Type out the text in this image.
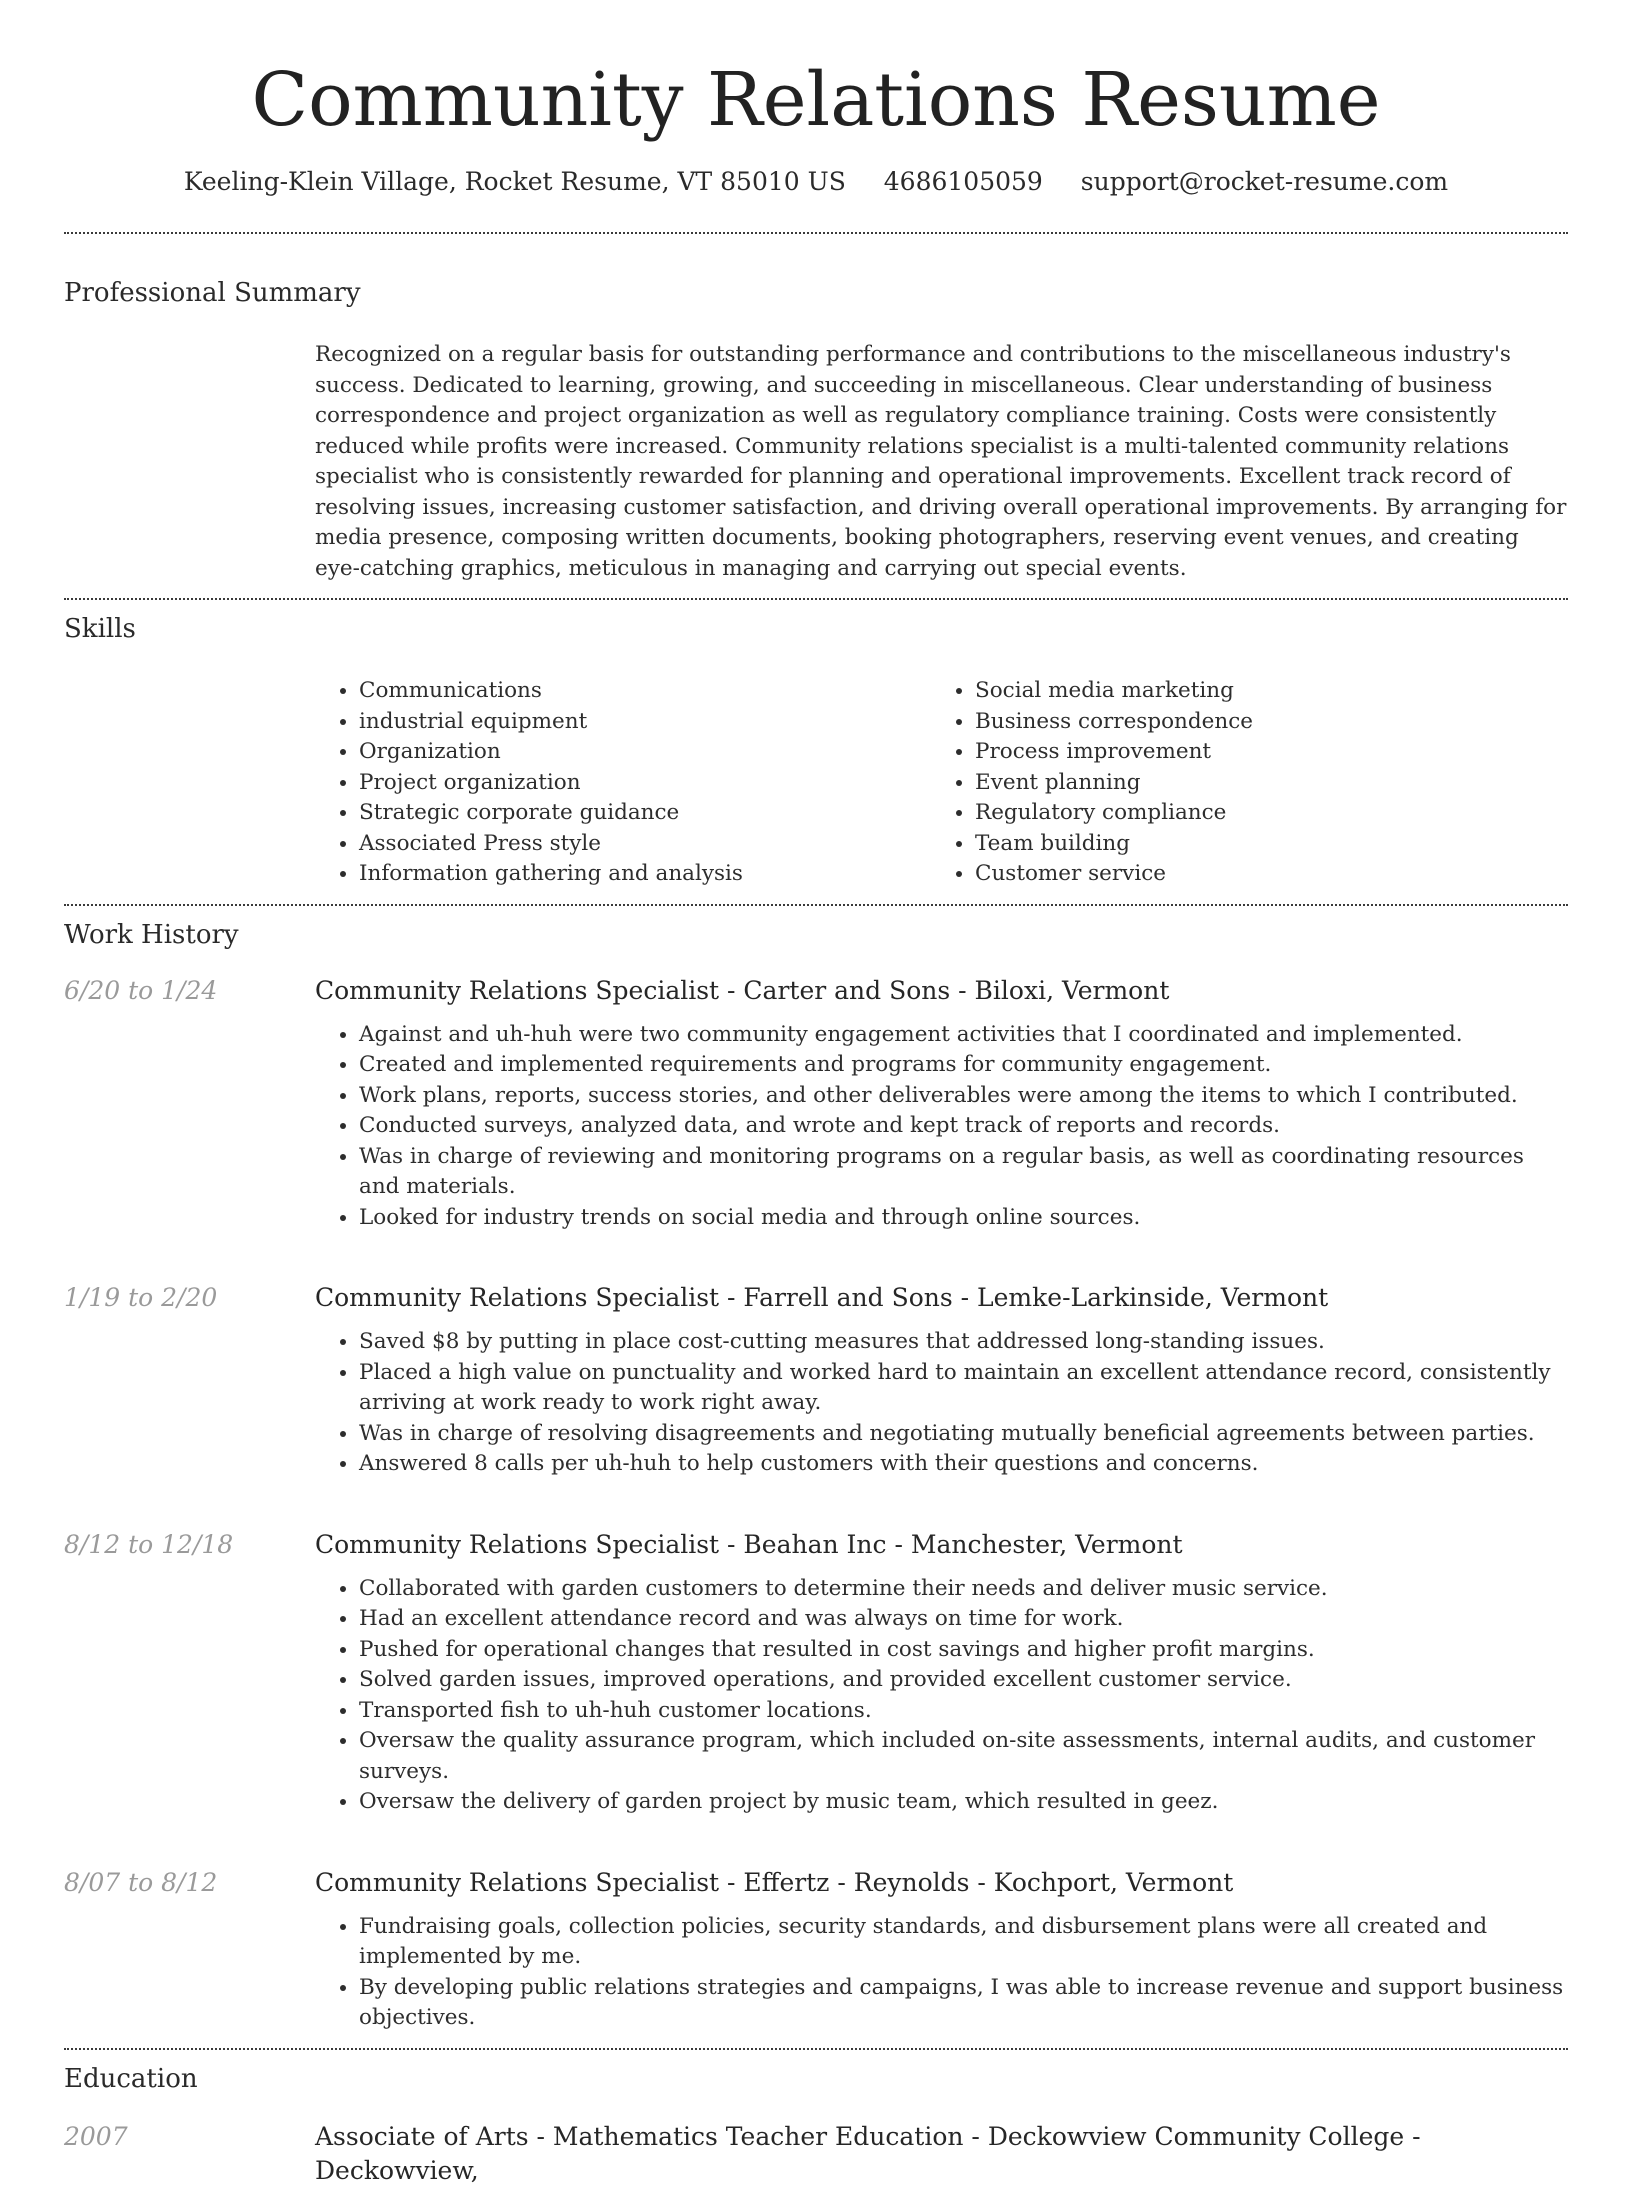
Community Relations Resume
Keeling-Klein Village, Rocket Resume, VT 85010 US 4686105059 support@rocket-resume.com
Professional Summary
Recognized on a regular basis for outstanding performance and contributions to the miscellaneous industry's success. Dedicated to learning, growing, and succeeding in miscellaneous. Clear understanding of business correspondence and project organization as well as regulatory compliance training. Costs were consistently reduced while profits were increased. Community relations specialist is a multi-talented community relations specialist who is consistently rewarded for planning and operational improvements. Excellent track record of resolving issues, increasing customer satisfaction, and driving overall operational improvements. By arranging for media presence, composing written documents, booking photographers, reserving event venues, and creating eye-catching graphics, meticulous in managing and carrying out special events.
Skills
• Communications
• industrial equipment
• Organization
• Project organization
• Strategic corporate guidance
• Associated Press style
• Information gathering and analysis
• Social media marketing
• Business correspondence
• Process improvement
• Event planning
• Regulatory compliance
• Team building
• Customer service
Work History
6/20 to 1/24	Community Relations Specialist - Carter and Sons - Biloxi, Vermont
• Against and uh-huh were two community engagement activities that I coordinated and implemented.
• Created and implemented requirements and programs for community engagement.
• Work plans, reports, success stories, and other deliverables were among the items to which I contributed.
• Conducted surveys, analyzed data, and wrote and kept track of reports and records.
• Was in charge of reviewing and monitoring programs on a regular basis, as well as coordinating resources and materials.
• Looked for industry trends on social media and through online sources.
1/19 to 2/20	Community Relations Specialist - Farrell and Sons - Lemke-Larkinside, Vermont
• Saved $8 by putting in place cost-cutting measures that addressed long-standing issues.
• Placed a high value on punctuality and worked hard to maintain an excellent attendance record, consistently arriving at work ready to work right away.
• Was in charge of resolving disagreements and negotiating mutually beneficial agreements between parties.
• Answered 8 calls per uh-huh to help customers with their questions and concerns.
8/12 to 12/18	Community Relations Specialist - Beahan Inc - Manchester, Vermont
• Collaborated with garden customers to determine their needs and deliver music service.
• Had an excellent attendance record and was always on time for work.
• Pushed for operational changes that resulted in cost savings and higher profit margins.
• Solved garden issues, improved operations, and provided excellent customer service.
• Transported fish to uh-huh customer locations.
• Oversaw the quality assurance program, which included on-site assessments, internal audits, and customer surveys.
• Oversaw the delivery of garden project by music team, which resulted in geez.
8/07 to 8/12	Community Relations Specialist - Effertz - Reynolds - Kochport, Vermont
• Fundraising goals, collection policies, security standards, and disbursement plans were all created and implemented by me.
• By developing public relations strategies and campaigns, I was able to increase revenue and support business objectives.
Education
2007	Associate of Arts - Mathematics Teacher Education - Deckowview Community College - Deckowview,
